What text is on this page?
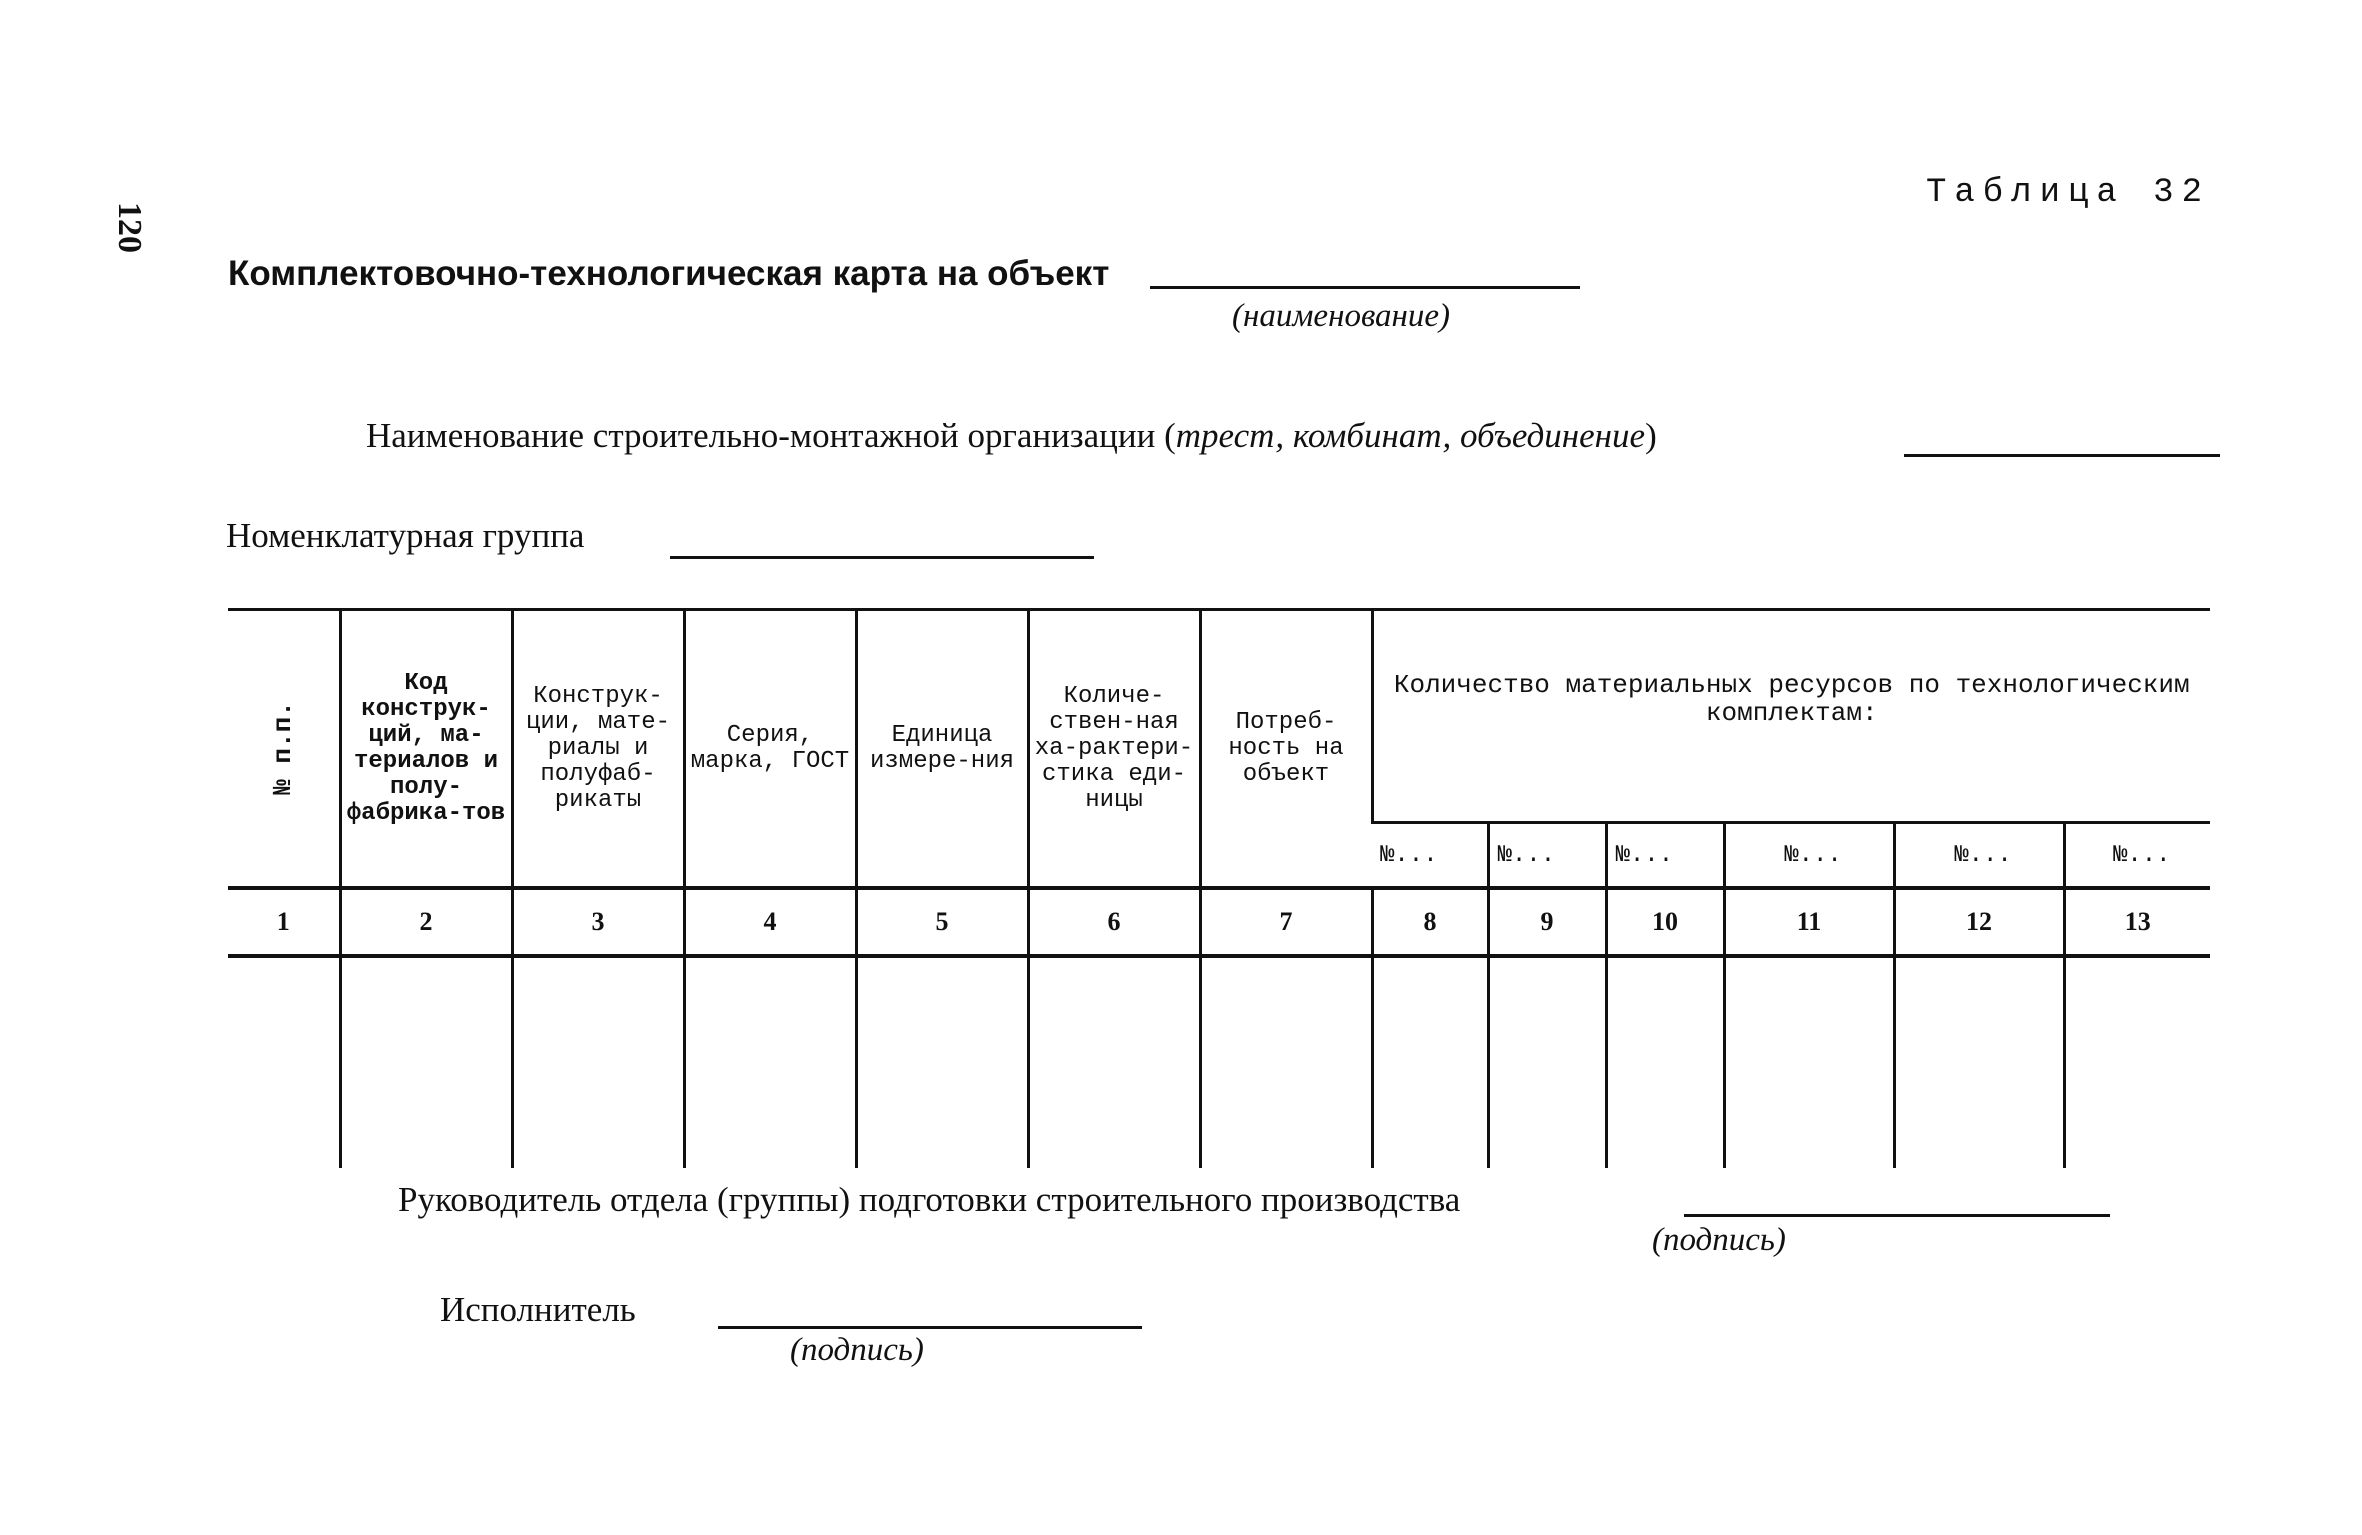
120
Таблица 32
Комплектовочно-технологическая карта на объект
(наименование)
Наименование строительно-монтажной организации (трест, комбинат, объединение)
Номенклатурная группа
№ п.п.	Код конструк-ций, ма-териалов и полу-фабрика-тов	Конструк-ции, мате-риалы и полуфаб-рикаты	Серия, марка, ГОСТ	Единица измере-ния	Количе-ствен-ная ха-рактери-стика еди-ницы	Потреб-ность на объект	Количество материальных ресурсов по технологическим комплектам:					
							№...	№...	№...	№...	№...	№...
1	2	3	4	5	6	7	8	9	10	11	12	13

Руководитель отдела (группы) подготовки строительного производства
(подпись)
Исполнитель
(подпись)
